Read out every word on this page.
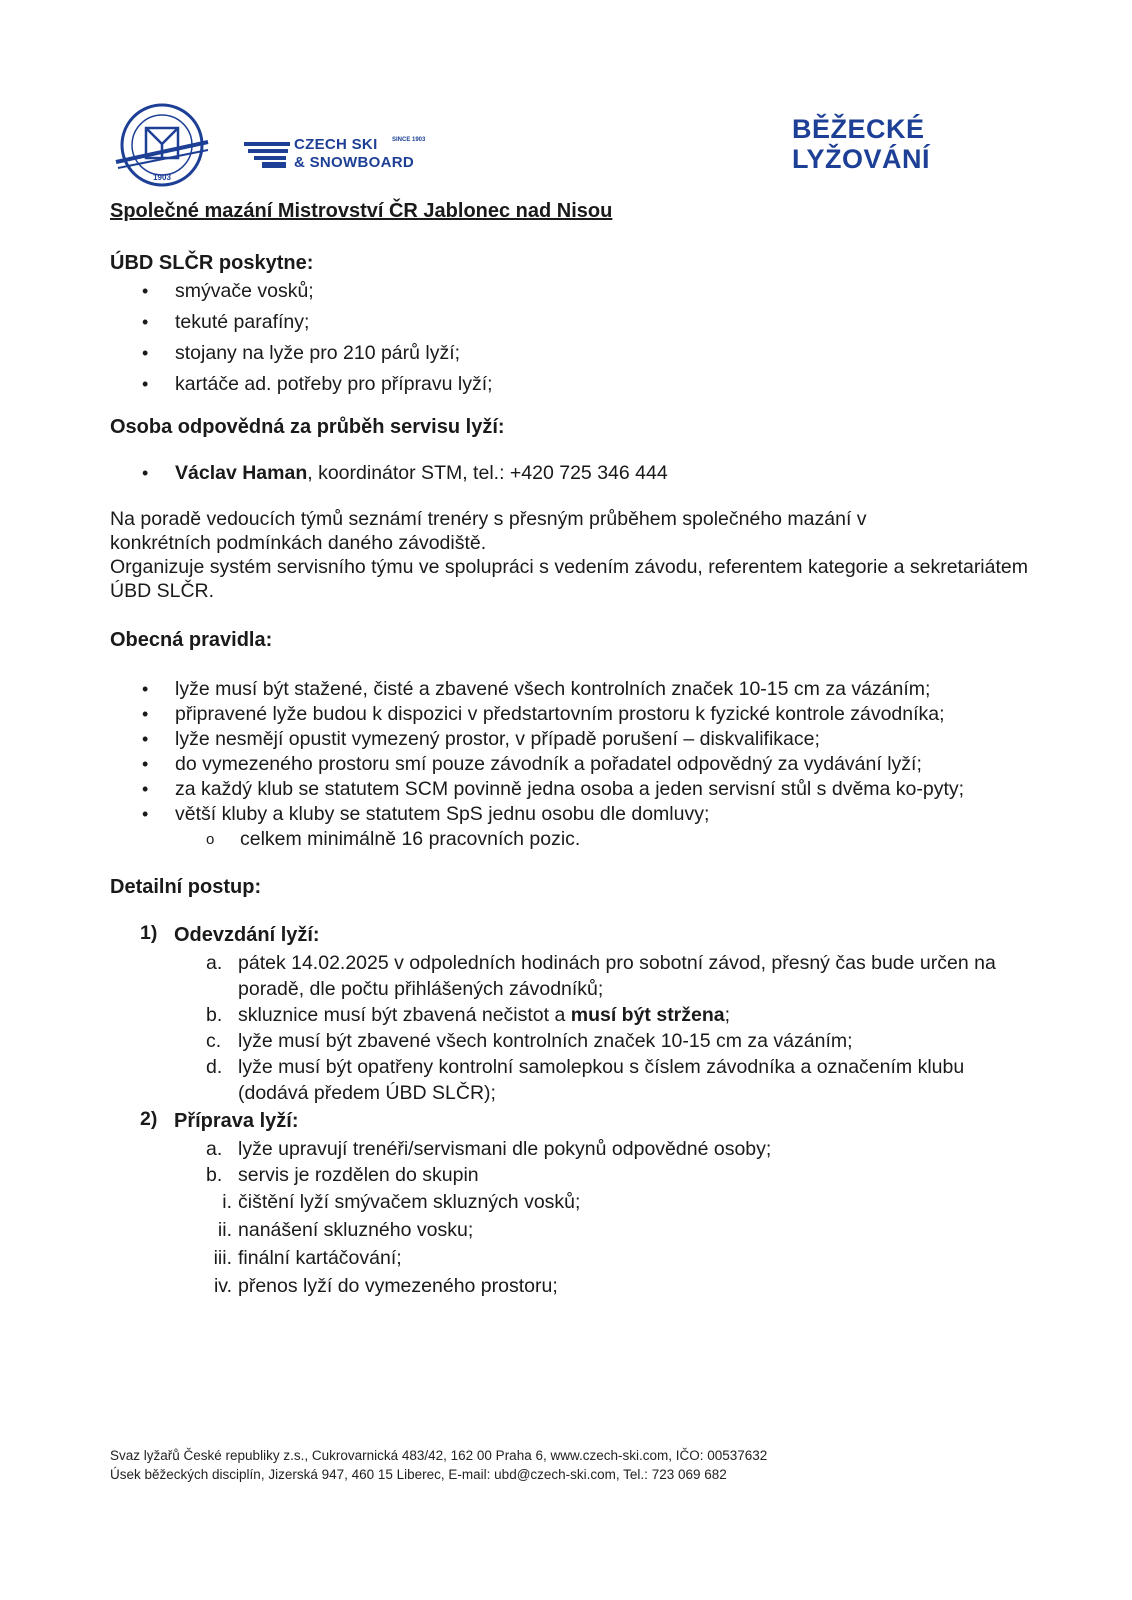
1903
CZECH SKI SINCE 1903
& SNOWBOARD
BĚŽECKÉ
LYŽOVÁNÍ
Společné mazání Mistrovství ČR Jablonec nad Nisou
ÚBD SLČR poskytne:
• smývače vosků;
• tekuté parafíny;
• stojany na lyže pro 210 párů lyží;
• kartáče ad. potřeby pro přípravu lyží;
Osoba odpovědná za průběh servisu lyží:
• Václav Haman, koordinátor STM, tel.: +420 725 346 444

Na poradě vedoucích týmů seznámí trenéry s přesným průběhem společného mazání v konkrétních podmínkách daného závodiště.

Organizuje systém servisního týmu ve spolupráci s vedením závodu, referentem kategorie a sekretariátem ÚBD SLČR.

Obecná pravidla:
• lyže musí být stažené, čisté a zbavené všech kontrolních značek 10-15 cm za vázáním;
• připravené lyže budou k dispozici v předstartovním prostoru k fyzické kontrole závodníka;
• lyže nesmějí opustit vymezený prostor, v případě porušení – diskvalifikace;
• do vymezeného prostoru smí pouze závodník a pořadatel odpovědný za vydávání lyží;
• za každý klub se statutem SCM povinně jedna osoba a jeden servisní stůl s dvěma ko-pyty;
• větší kluby a kluby se statutem SpS jednu osobu dle domluvy;
o celkem minimálně 16 pracovních pozic.
Detailní postup:
1) Odevzdání lyží:
a. pátek 14.02.2025 v odpoledních hodinách pro sobotní závod, přesný čas bude určen na poradě, dle počtu přihlášených závodníků;
b. skluznice musí být zbavená nečistot a musí být stržena;
c. lyže musí být zbavené všech kontrolních značek 10-15 cm za vázáním;
d. lyže musí být opatřeny kontrolní samolepkou s číslem závodníka a označením klubu (dodává předem ÚBD SLČR);
2) Příprava lyží:
a. lyže upravují trenéři/servismani dle pokynů odpovědné osoby;
b. servis je rozdělen do skupin
i. čištění lyží smývačem skluzných vosků;
ii. nanášení skluzného vosku;
iii. finální kartáčování;
iv. přenos lyží do vymezeného prostoru;
Svaz lyžařů České republiky z.s., Cukrovarnická 483/42, 162 00 Praha 6, www.czech-ski.com, IČO: 00537632
Úsek běžeckých disciplín, Jizerská 947, 460 15 Liberec, E-mail: ubd@czech-ski.com, Tel.: 723 069 682
